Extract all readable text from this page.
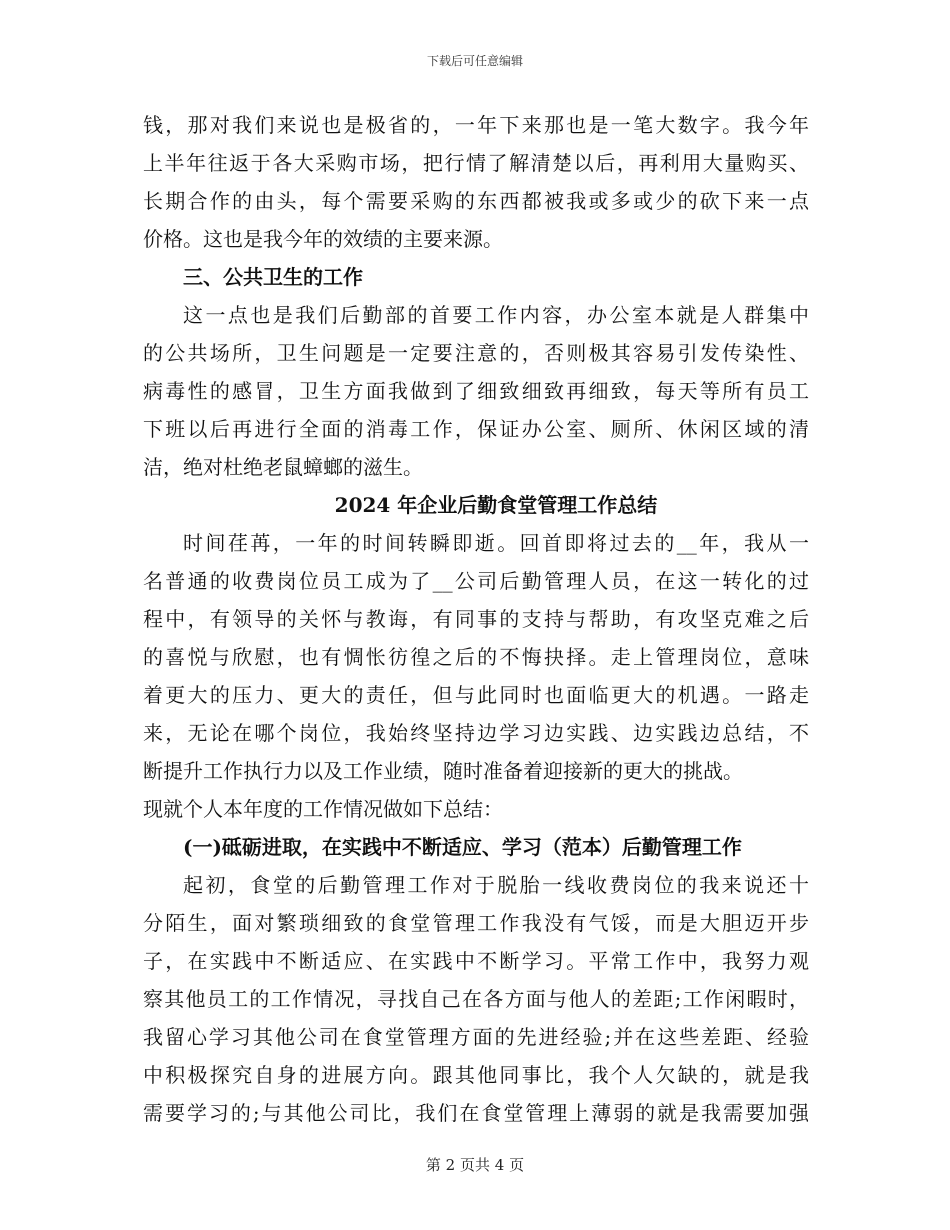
下载后可任意编辑
钱，那对我们来说也是极省的，一年下来那也是一笔大数字。我今年
上半年往返于各大采购市场，把行情了解清楚以后，再利用大量购买、
长期合作的由头，每个需要采购的东西都被我或多或少的砍下来一点
价格。这也是我今年的效绩的主要来源。
三、公共卫生的工作
这一点也是我们后勤部的首要工作内容，办公室本就是人群集中
的公共场所，卫生问题是一定要注意的，否则极其容易引发传染性、
病毒性的感冒，卫生方面我做到了细致细致再细致，每天等所有员工
下班以后再进行全面的消毒工作，保证办公室、厕所、休闲区域的清
洁，绝对杜绝老鼠蟑螂的滋生。
2024 年企业后勤食堂管理工作总结
时间荏苒，一年的时间转瞬即逝。回首即将过去的__年，我从一
名普通的收费岗位员工成为了__公司后勤管理人员，在这一转化的过
程中，有领导的关怀与教诲，有同事的支持与帮助，有攻坚克难之后
的喜悦与欣慰，也有惆怅彷徨之后的不悔抉择。走上管理岗位，意味
着更大的压力、更大的责任，但与此同时也面临更大的机遇。一路走
来，无论在哪个岗位，我始终坚持边学习边实践、边实践边总结，不
断提升工作执行力以及工作业绩，随时准备着迎接新的更大的挑战。
现就个人本年度的工作情况做如下总结：
(一)砥砺进取，在实践中不断适应、学习（范本）后勤管理工作
起初，食堂的后勤管理工作对于脱胎一线收费岗位的我来说还十
分陌生，面对繁琐细致的食堂管理工作我没有气馁，而是大胆迈开步
子，在实践中不断适应、在实践中不断学习。平常工作中，我努力观
察其他员工的工作情况，寻找自己在各方面与他人的差距;工作闲暇时，
我留心学习其他公司在食堂管理方面的先进经验;并在这些差距、经验
中积极探究自身的进展方向。跟其他同事比，我个人欠缺的，就是我
需要学习的;与其他公司比，我们在食堂管理上薄弱的就是我需要加强
第 2 页共 4 页
